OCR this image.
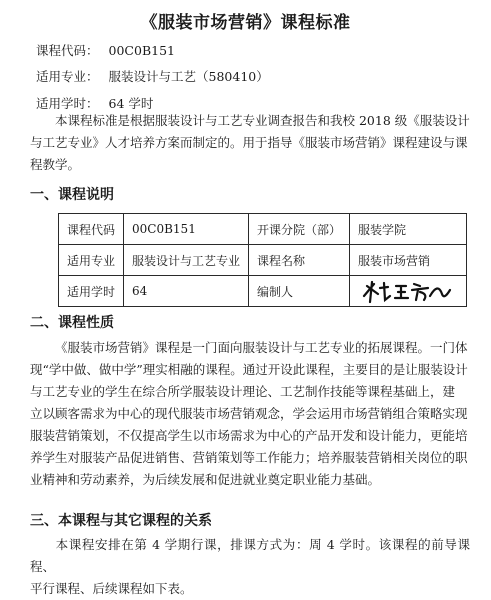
《服装市场营销》课程标准
课程代码： 00C0B151
适用专业： 服装设计与工艺（580410）
适用学时： 64 学时

本课程标准是根据服装设计与工艺专业调查报告和我校 2018 级《服装设计
与工艺专业》人才培养方案而制定的。用于指导《服装市场营销》课程建设与课
程教学。

一、课程说明
课程代码	00C0B151	开课分院（部）	服装学院
适用专业	服装设计与工艺专业	课程名称	服装市场营销
适用学时	64	编制人	
二、课程性质

《服装市场营销》课程是一门面向服装设计与工艺专业的拓展课程。一门体
现“学中做、做中学”理实相融的课程。通过开设此课程，主要目的是让服装设计
与工艺专业的学生在综合所学服装设计理论、工艺制作技能等课程基础上，建
立以顾客需求为中心的现代服装市场营销观念，学会运用市场营销组合策略实现
服装营销策划，不仅提高学生以市场需求为中心的产品开发和设计能力，更能培
养学生对服装产品促进销售、营销策划等工作能力；培养服装营销相关岗位的职
业精神和劳动素养，为后续发展和促进就业奠定职业能力基础。

三、本课程与其它课程的关系

本课程安排在第 4 学期行课，排课方式为：周 4 学时。该课程的前导课程、
平行课程、后续课程如下表。
